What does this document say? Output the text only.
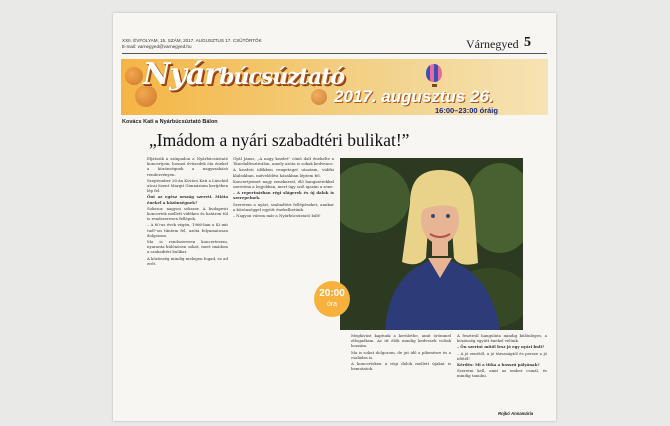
XXII. ÉVFOLYAM, 15. SZÁM, 2017. AUGUSZTUS 17. CSÜTÖRTÖK
E-mail: varnegyed@varnegyed.hu	Várnegyed 5
Nyárbúcsúztató
2017. augusztus 26.
16:00–23:00 óráig
Kovács Kati a Nyárbúcsúztató Bálon
„Imádom a nyári szabadtéri bulikat!”

Eljátszik a színpadon a Nyárbúcsúztató koncertjein, hosszú évtizedek óta énekel a közönségnek a nagyszabású rendezvényen.

Szeptember 26-án Kovács Kati a Lánchíd utcai Szent Margit Gimnázium kertjében lép fel.

Önt az egész ország szereti. Mióta énekel a közönségnek?

Sokszor, nagyon sokszor. A budapesti koncertek mellett vidéken és határon túl is rendszeresen fellépek.

– A 60-as évek végén, 1966-ban a Ki mit tud?-on tűntem fel, azóta folyamatosan dolgozom.

Ma is rendszeresen koncertezem, nyaranta különösen sokat, mert imádom a szabadtéri bulikat.

A közönség mindig melegen fogad, ez ad erőt.

Gyál János, „A nagy kezdet” című dalt énekelte a Táncdalfesztiválon, amely azóta is sokak kedvence.

A kezdeti időkben rengeteget utaztam, vidéki klubokban, művelődési házakban léptem fel.

Koncertjeimet nagy zenekarral, élő hangszerekkel szeretem a legjobban, mert úgy szól igazán a zene.

– A repertoárban régi slágerek és új dalok is szerepelnek.

Szeretem a nyári, szabadtéri fellépéseket, amikor a közönséggel együtt énekelhetünk.

– Nagyon várom már a Nyárbúcsúztató bált!

20:00
óra

Meghívást kaptunk a kerületbe, amit örömmel elfogadtam. Az itt élők mindig kedvesek voltak hozzám.

Ma is sokat dolgozom, de jut idő a pihenésre és a családra is.

A koncerteken a régi dalok mellett újakat is bemutatok.

A fesztivál hangulata mindig különleges, a közönség együtt énekel velünk.

– Ön szerint mitől lesz jó egy nyári buli?

– A jó zenétől, a jó társaságtól és persze a jó időtől!

Kérdés: Mi a titka a hosszú pályának?

Szeretni kell, amit az ember csinál, és mindig tanulni.

Rojkó Annamária
